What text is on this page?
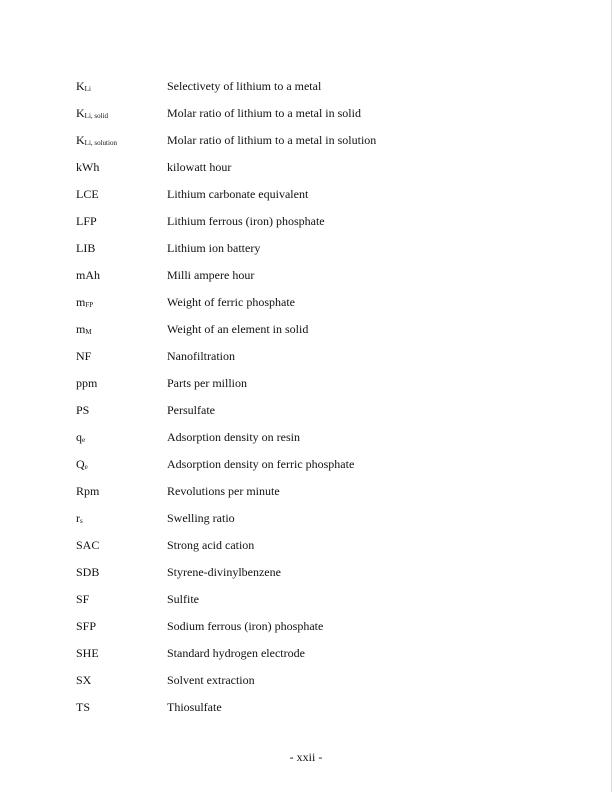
$K_{Li}$	Selectivety of lithium to a metal
$K_{Li, solid}$	Molar ratio of lithium to a metal in solid
$K_{Li, solution}$	Molar ratio of lithium to a metal in solution
kWh	kilowatt hour
LCE	Lithium carbonate equivalent
LFP	Lithium ferrous (iron) phosphate
LIB	Lithium ion battery
mAh	Milli ampere hour
$m_{FP}$	Weight of ferric phosphate
$m_M$	Weight of an element in solid
NF	Nanofiltration
ppm	Parts per million
PS	Persulfate
$q_e$	Adsorption density on resin
$Q_e$	Adsorption density on ferric phosphate
Rpm	Revolutions per minute
$r_s$	Swelling ratio
SAC	Strong acid cation
SDB	Styrene-divinylbenzene
SF	Sulfite
SFP	Sodium ferrous (iron) phosphate
SHE	Standard hydrogen electrode
SX	Solvent extraction
TS	Thiosulfate
- xxii -
